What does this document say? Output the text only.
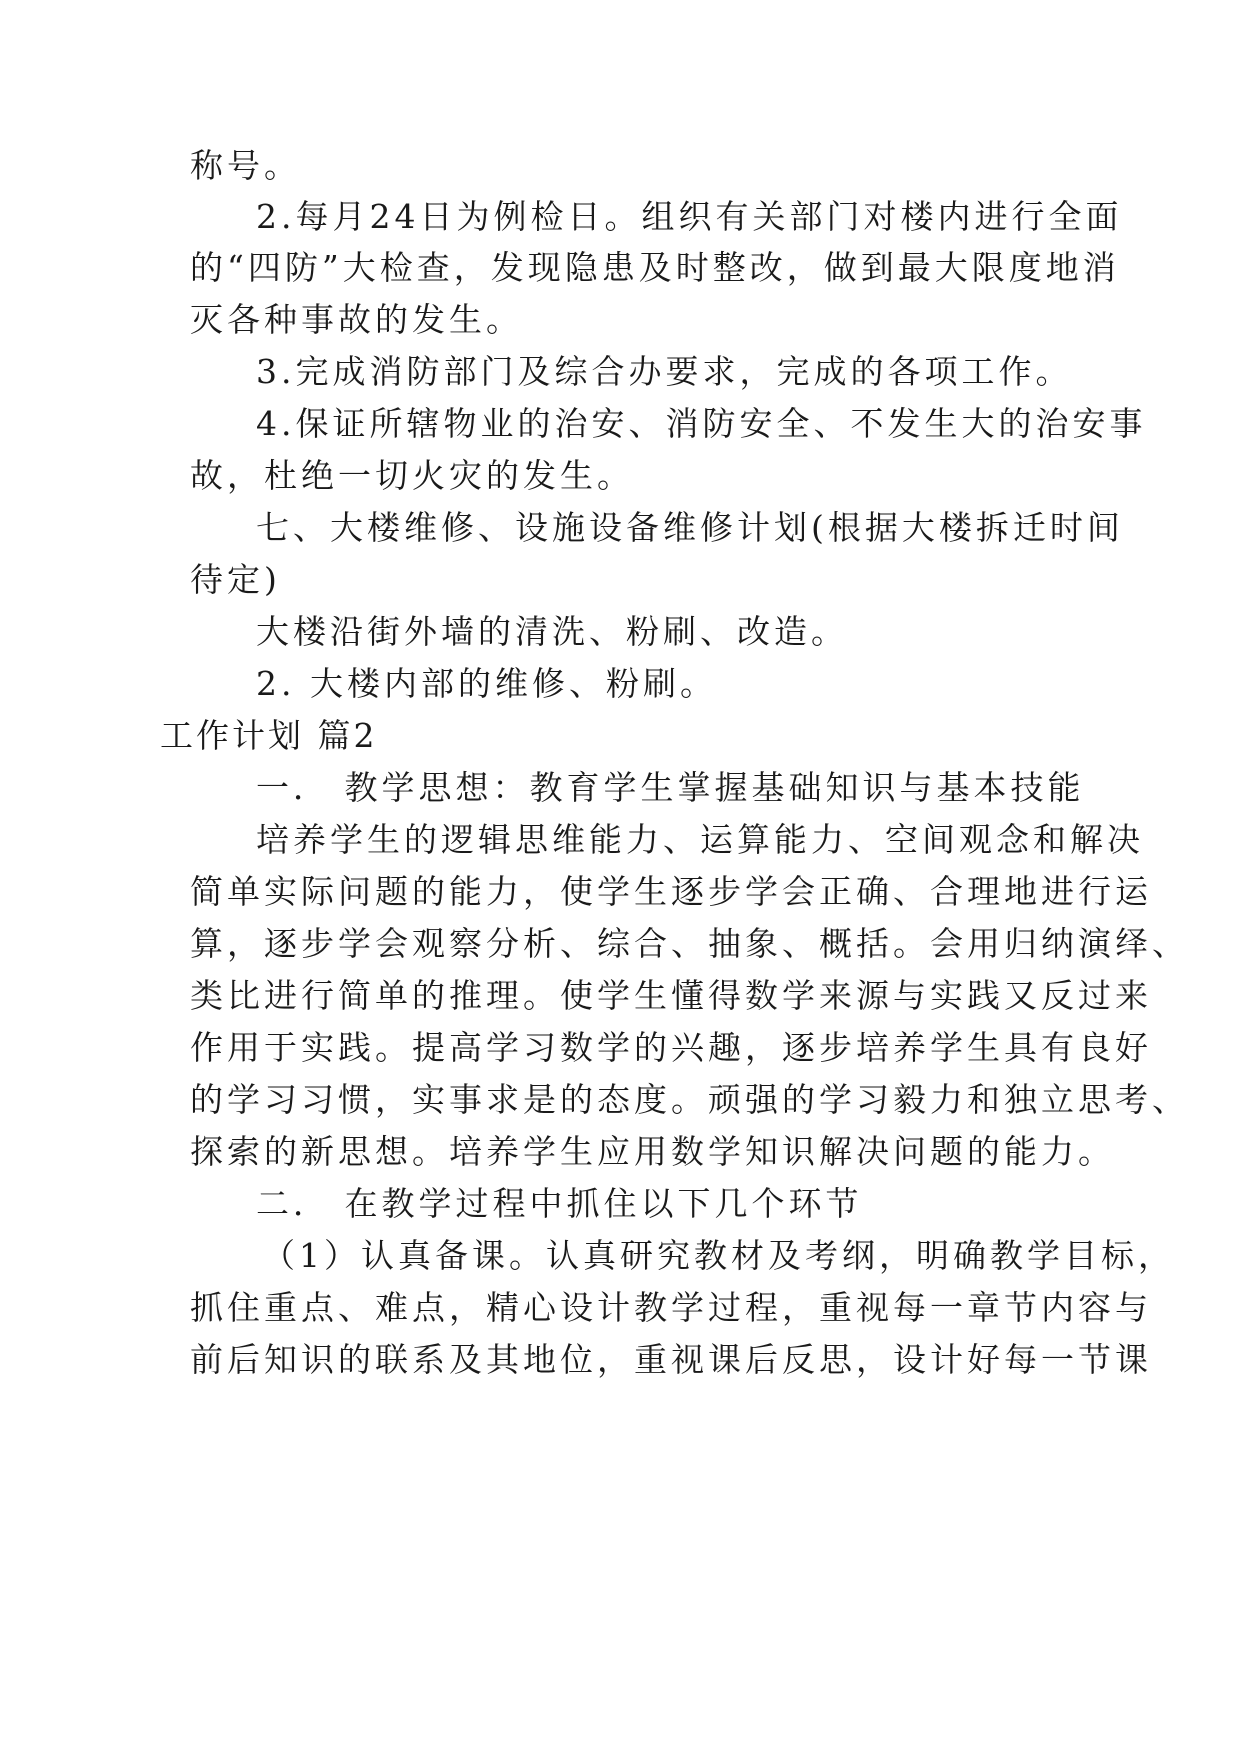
称号。
2.每月24日为例检日。组织有关部门对楼内进行全面
的“四防”大检查，发现隐患及时整改，做到最大限度地消
灭各种事故的发生。
3.完成消防部门及综合办要求，完成的各项工作。
4.保证所辖物业的治安、消防安全、不发生大的治安事
故，杜绝一切火灾的发生。
七、大楼维修、设施设备维修计划(根据大楼拆迁时间
待定)
大楼沿街外墙的清洗、粉刷、改造。
2. 大楼内部的维修、粉刷。
工作计划 篇2
一． 教学思想：教育学生掌握基础知识与基本技能
培养学生的逻辑思维能力、运算能力、空间观念和解决
简单实际问题的能力，使学生逐步学会正确、合理地进行运
算，逐步学会观察分析、综合、抽象、概括。会用归纳演绎、
类比进行简单的推理。使学生懂得数学来源与实践又反过来
作用于实践。提高学习数学的兴趣，逐步培养学生具有良好
的学习习惯，实事求是的态度。顽强的学习毅力和独立思考、
探索的新思想。培养学生应用数学知识解决问题的能力。
二． 在教学过程中抓住以下几个环节
（1）认真备课。认真研究教材及考纲，明确教学目标，
抓住重点、难点，精心设计教学过程，重视每一章节内容与
前后知识的联系及其地位，重视课后反思，设计好每一节课
